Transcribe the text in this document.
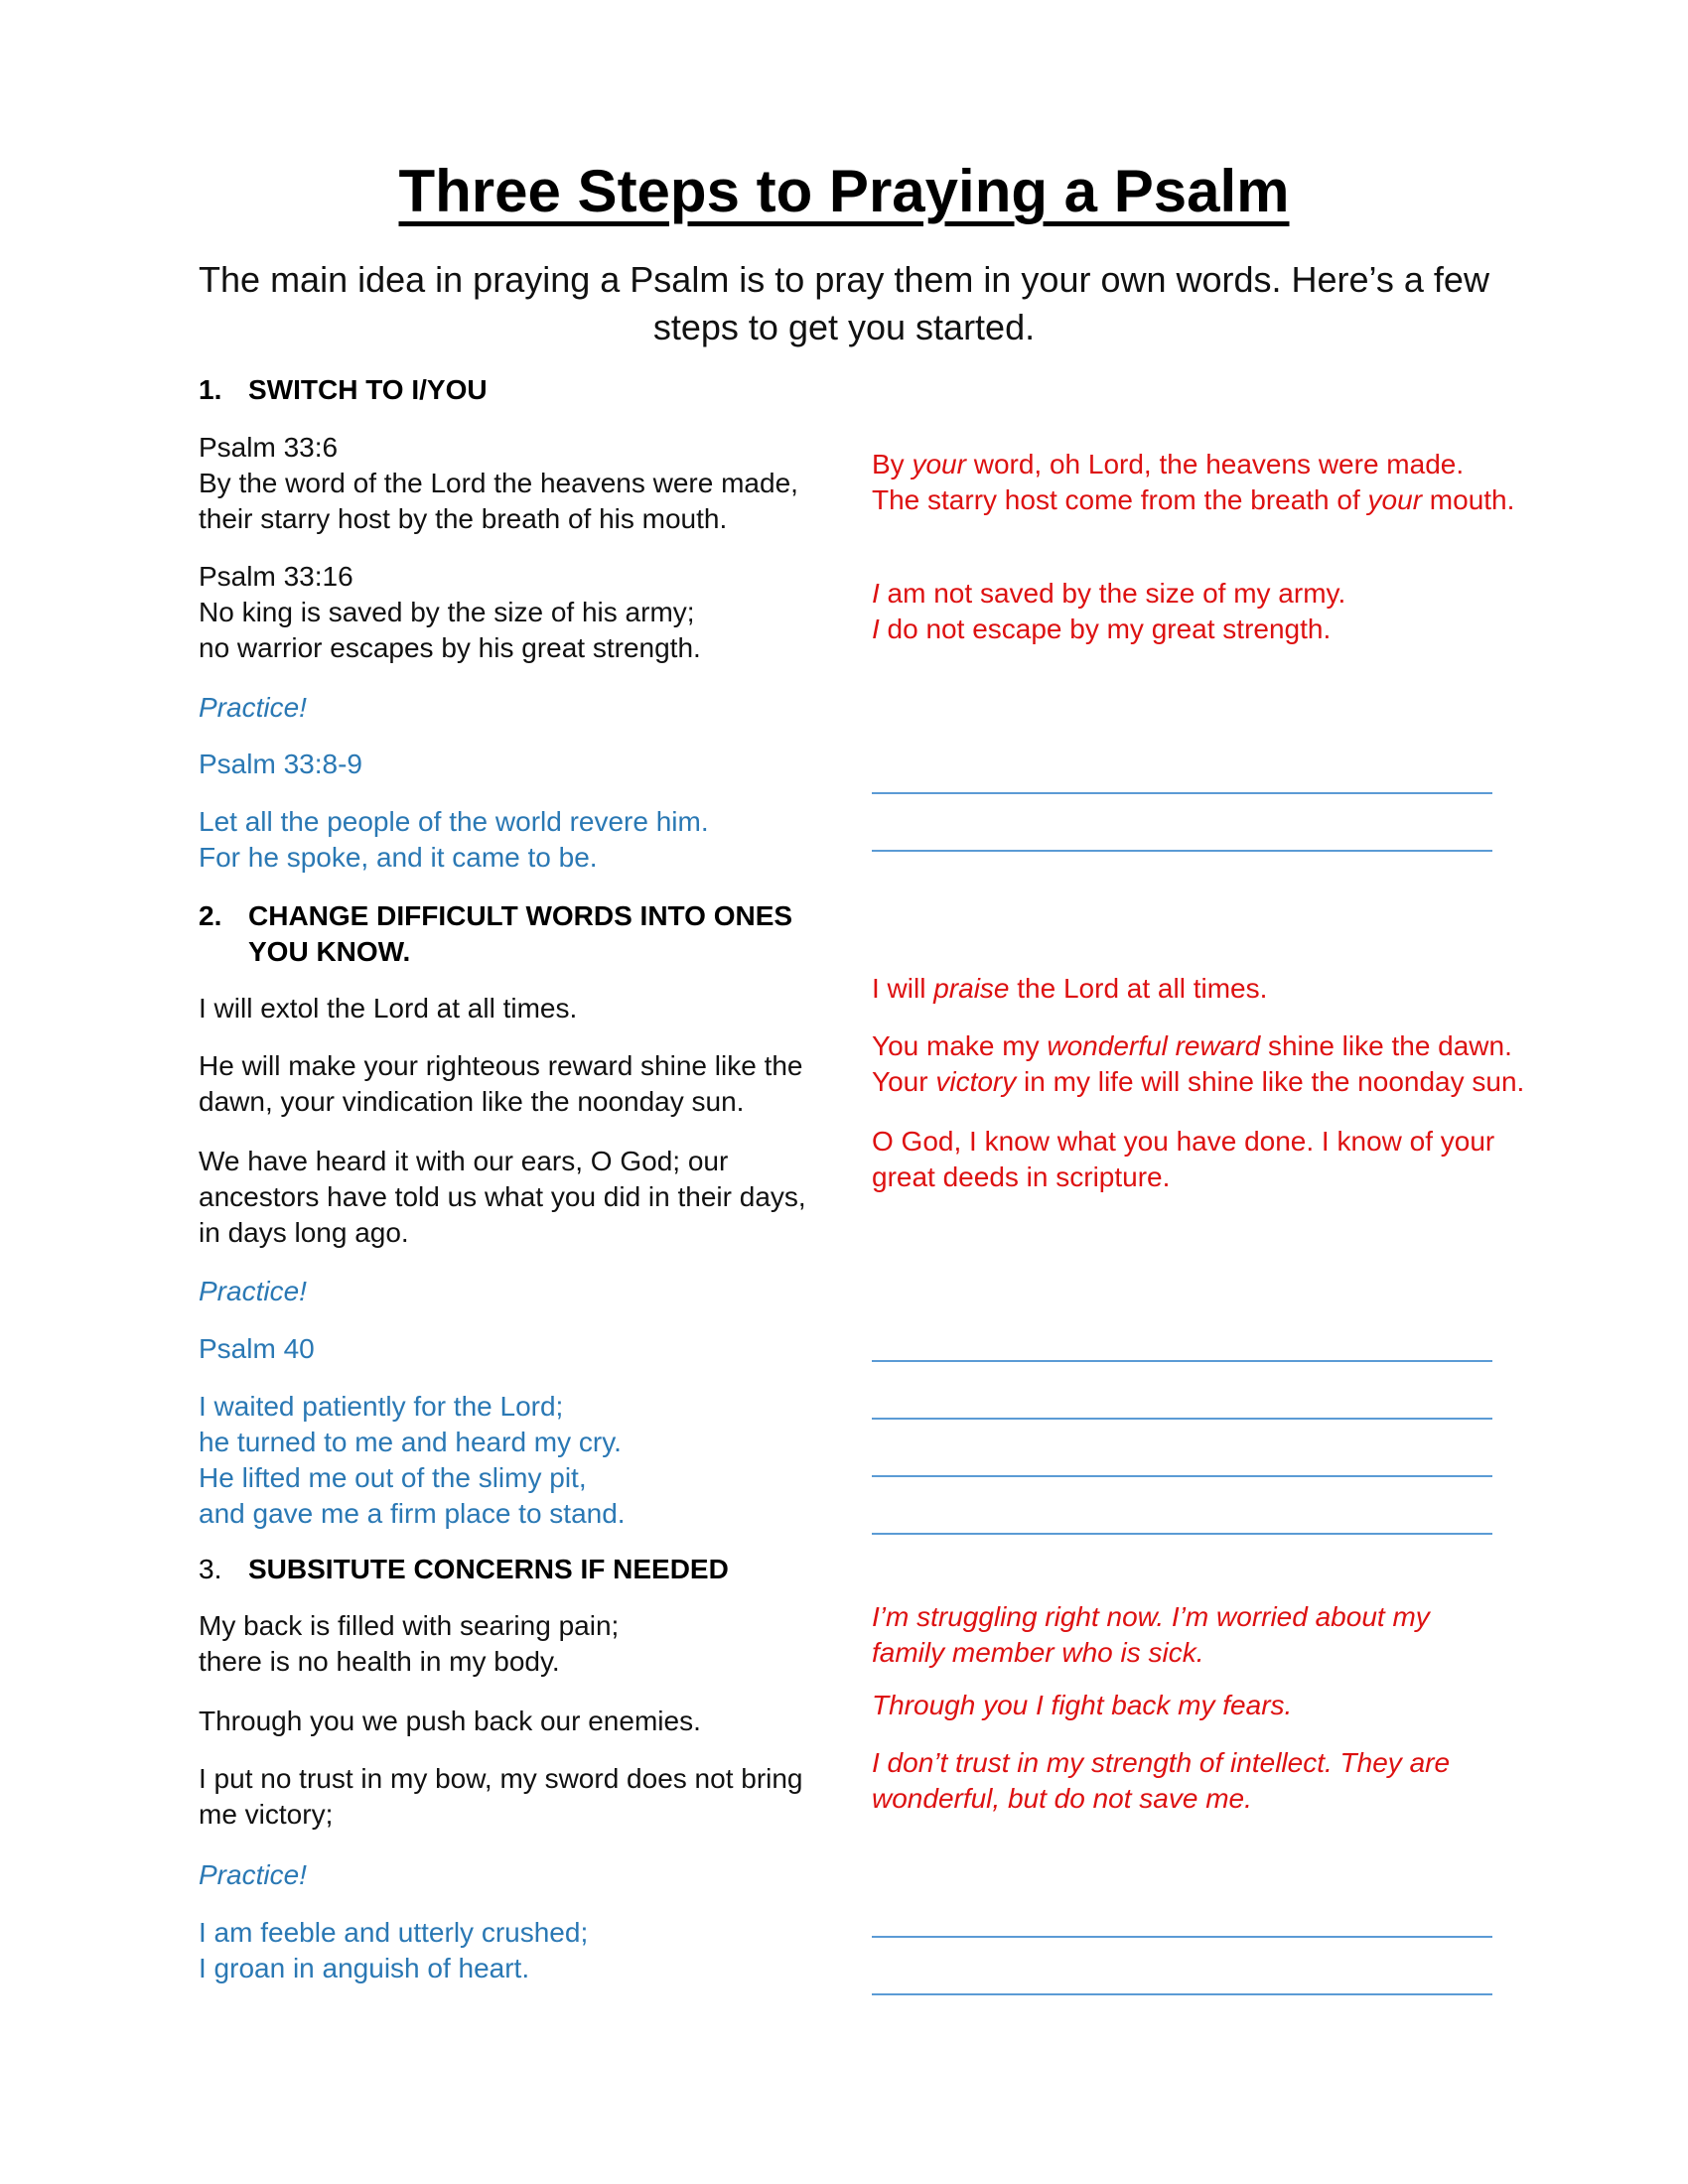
Three Steps to Praying a Psalm
The main idea in praying a Psalm is to pray them in your own words. Here’s a few steps to get you started.
1. SWITCH TO I/YOU
Psalm 33:6
By the word of the Lord the heavens were made,
their starry host by the breath of his mouth.
Psalm 33:16
No king is saved by the size of his army;
no warrior escapes by his great strength.
Practice!
Psalm 33:8-9
Let all the people of the world revere him.
For he spoke, and it came to be.
By your word, oh Lord, the heavens were made.
The starry host come from the breath of your mouth.
I am not saved by the size of my army.
I do not escape by my great strength.
2. CHANGE DIFFICULT WORDS INTO ONES
YOU KNOW.
I will extol the Lord at all times.
He will make your righteous reward shine like the
dawn, your vindication like the noonday sun.
We have heard it with our ears, O God; our
ancestors have told us what you did in their days,
in days long ago.
Practice!
Psalm 40
I waited patiently for the Lord;
he turned to me and heard my cry.
He lifted me out of the slimy pit,
and gave me a firm place to stand.
I will praise the Lord at all times.
You make my wonderful reward shine like the dawn.
Your victory in my life will shine like the noonday sun.
O God, I know what you have done. I know of your
great deeds in scripture.
3. SUBSITUTE CONCERNS IF NEEDED
My back is filled with searing pain;
there is no health in my body.
Through you we push back our enemies.
I put no trust in my bow, my sword does not bring
me victory;
Practice!
I am feeble and utterly crushed;
I groan in anguish of heart.
I’m struggling right now. I’m worried about my
family member who is sick.
Through you I fight back my fears.
I don’t trust in my strength of intellect. They are
wonderful, but do not save me.
